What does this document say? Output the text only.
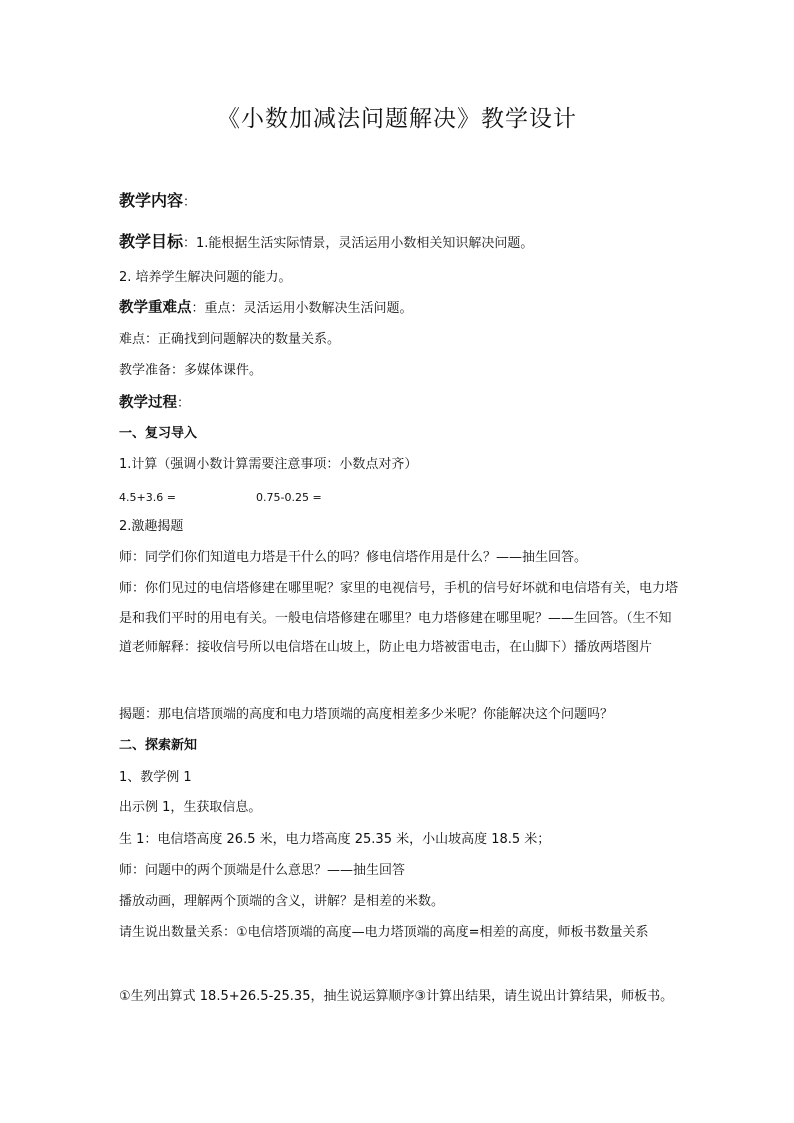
《小数加减法问题解决》教学设计
教学内容：
教学目标：1.能根据生活实际情景，灵活运用小数相关知识解决问题。
2. 培养学生解决问题的能力。
教学重难点：重点：灵活运用小数解决生活问题。
难点：正确找到问题解决的数量关系。
教学准备：多媒体课件。
教学过程：
一、复习导入
1.计算（强调小数计算需要注意事项：小数点对齐）
4.5+3.6 =	0.75-0.25 =
2.激趣揭题
师：同学们你们知道电力塔是干什么的吗？修电信塔作用是什么？——抽生回答。
师：你们见过的电信塔修建在哪里呢？家里的电视信号，手机的信号好坏就和电信塔有关，电力塔是和我们平时的用电有关。一般电信塔修建在哪里？电力塔修建在哪里呢？——生回答。（生不知道老师解释：接收信号所以电信塔在山坡上，防止电力塔被雷电击，在山脚下）播放两塔图片
揭题：那电信塔顶端的高度和电力塔顶端的高度相差多少米呢？你能解决这个问题吗？
二、探索新知
1、教学例 1
出示例 1，生获取信息。
生 1：电信塔高度 26.5 米，电力塔高度 25.35 米，小山坡高度 18.5 米；
师：问题中的两个顶端是什么意思？——抽生回答
播放动画，理解两个顶端的含义，讲解？是相差的米数。
请生说出数量关系：①电信塔顶端的高度—电力塔顶端的高度=相差的高度，师板书数量关系
①生列出算式 18.5+26.5-25.35，抽生说运算顺序③计算出结果，请生说出计算结果，师板书。
